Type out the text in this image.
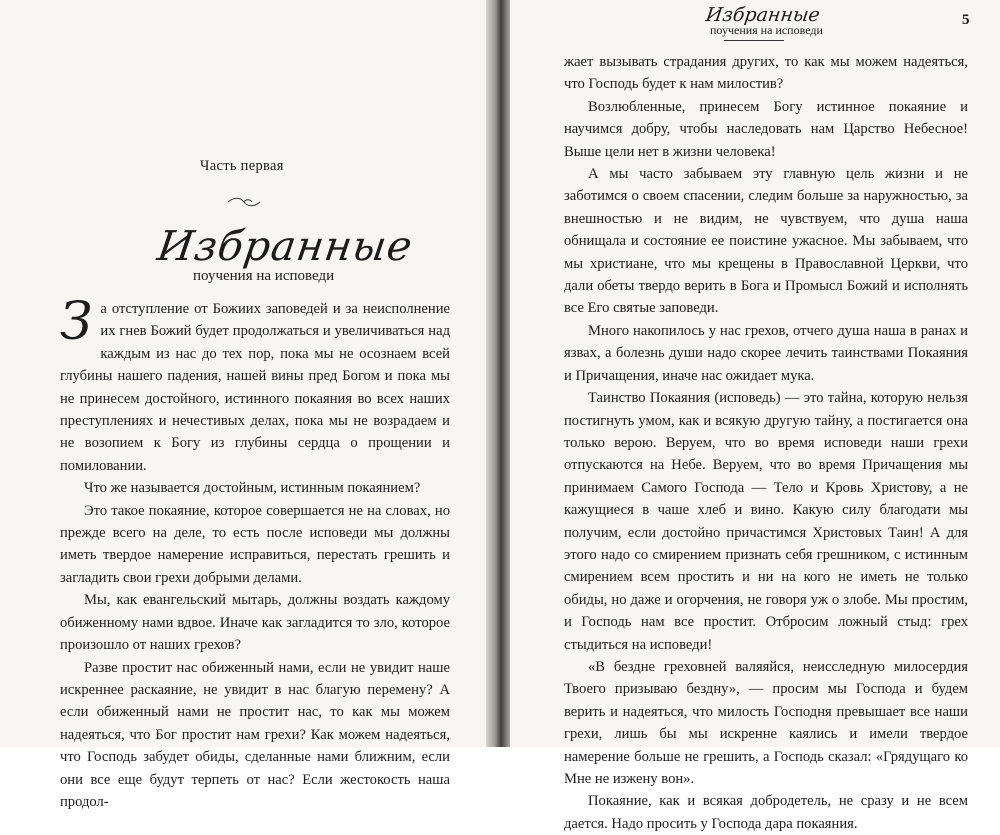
Часть первая
Избранные
поучения на исповеди

За отступление от Божиих заповедей и за неисполнение их гнев Божий будет продолжаться и увеличиваться над каждым из нас до тех пор, пока мы не осознаем всей глубины нашего падения, нашей вины пред Богом и пока мы не принесем достойного, истинного покаяния во всех наших преступлениях и нечестивых делах, пока мы не возрадаем и не возопием к Богу из глубины сердца о прощении и помиловании.

Что же называется достойным, истинным покаянием?

Это такое покаяние, которое совершается не на словах, но прежде всего на деле, то есть после исповеди мы должны иметь твердое намерение исправиться, перестать грешить и загладить свои грехи добрыми делами.

Мы, как евангельский мытарь, должны воздать каждому обиженному нами вдвое. Иначе как загладится то зло, которое произошло от наших грехов?

Разве простит нас обиженный нами, если не увидит наше искреннее раскаяние, не увидит в нас благую перемену? А если обиженный нами не простит нас, то как мы можем надеяться, что Бог простит нам грехи? Как можем надеяться, что Господь забудет обиды, сделанные нами ближним, если они все еще будут терпеть от нас? Если жестокость наша продол-

Избранные
поучения на исповеди
5

жает вызывать страдания других, то как мы можем надеяться, что Господь будет к нам милостив?

Возлюбленные, принесем Богу истинное покаяние и научимся добру, чтобы наследовать нам Царство Небесное! Выше цели нет в жизни человека!

А мы часто забываем эту главную цель жизни и не заботимся о своем спасении, следим больше за наружностью, за внешностью и не видим, не чувствуем, что душа наша обнищала и состояние ее поистине ужасное. Мы забываем, что мы христиане, что мы крещены в Православной Церкви, что дали обеты твердо верить в Бога и Промысл Божий и исполнять все Его святые заповеди.

Много накопилось у нас грехов, отчего душа наша в ранах и язвах, а болезнь души надо скорее лечить таинствами Покаяния и Причащения, иначе нас ожидает мука.

Таинство Покаяния (исповедь) — это тайна, которую нельзя постигнуть умом, как и всякую другую тайну, а постигается она только верою. Веруем, что во время исповеди наши грехи отпускаются на Небе. Веруем, что во время Причащения мы принимаем Самого Господа — Тело и Кровь Христову, а не кажущиеся в чаше хлеб и вино. Какую силу благодати мы получим, если достойно причастимся Христовых Таин! А для этого надо со смирением признать себя грешником, с истинным смирением всем простить и ни на кого не иметь не только обиды, но даже и огорчения, не говоря уж о злобе. Мы простим, и Господь нам все простит. Отбросим ложный стыд: грех стыдиться на исповеди!

«В бездне греховней валяяйся, неисследную милосердия Твоего призываю бездну», — просим мы Господа и будем верить и надеяться, что милость Господня превышает все наши грехи, лишь бы мы искренне каялись и имели твердое намерение больше не грешить, а Господь сказал: «Грядущаго ко Мне не изжену вон».

Покаяние, как и всякая добродетель, не сразу и не всем дается. Надо просить у Господа дара покаяния.
